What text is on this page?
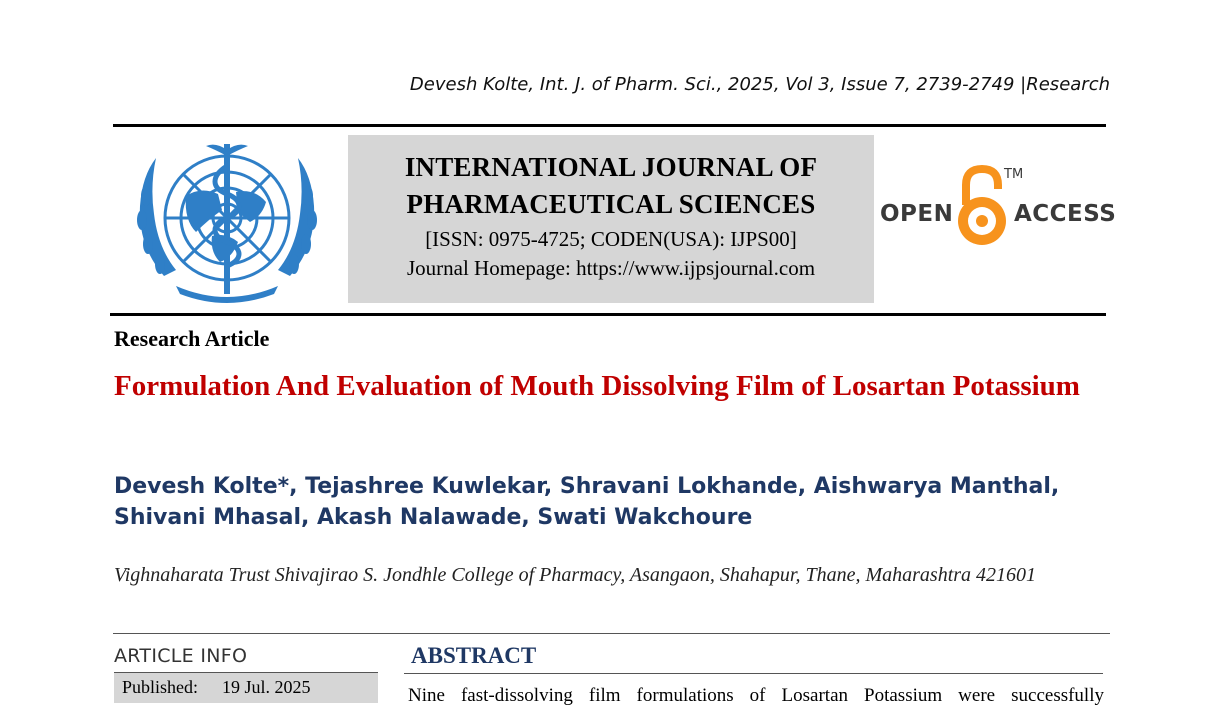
Devesh Kolte, Int. J. of Pharm. Sci., 2025, Vol 3, Issue 7, 2739-2749 |Research
INTERNATIONAL JOURNAL OF
PHARMACEUTICAL SCIENCES
[ISSN: 0975-4725; CODEN(USA): IJPS00]
Journal Homepage: https://www.ijpsjournal.com
OPEN
TM
ACCESS
Research Article
Formulation And Evaluation of Mouth Dissolving Film of Losartan Potassium
Devesh Kolte*, Tejashree Kuwlekar, Shravani Lokhande, Aishwarya Manthal,
Shivani Mhasal, Akash Nalawade, Swati Wakchoure
Vighnaharata Trust Shivajirao S. Jondhle College of Pharmacy, Asangaon, Shahapur, Thane, Maharashtra 421601
ARTICLE INFO
Published: 19 Jul. 2025
ABSTRACT
Nine fast-dissolving film formulations of Losartan Potassium were successfully
